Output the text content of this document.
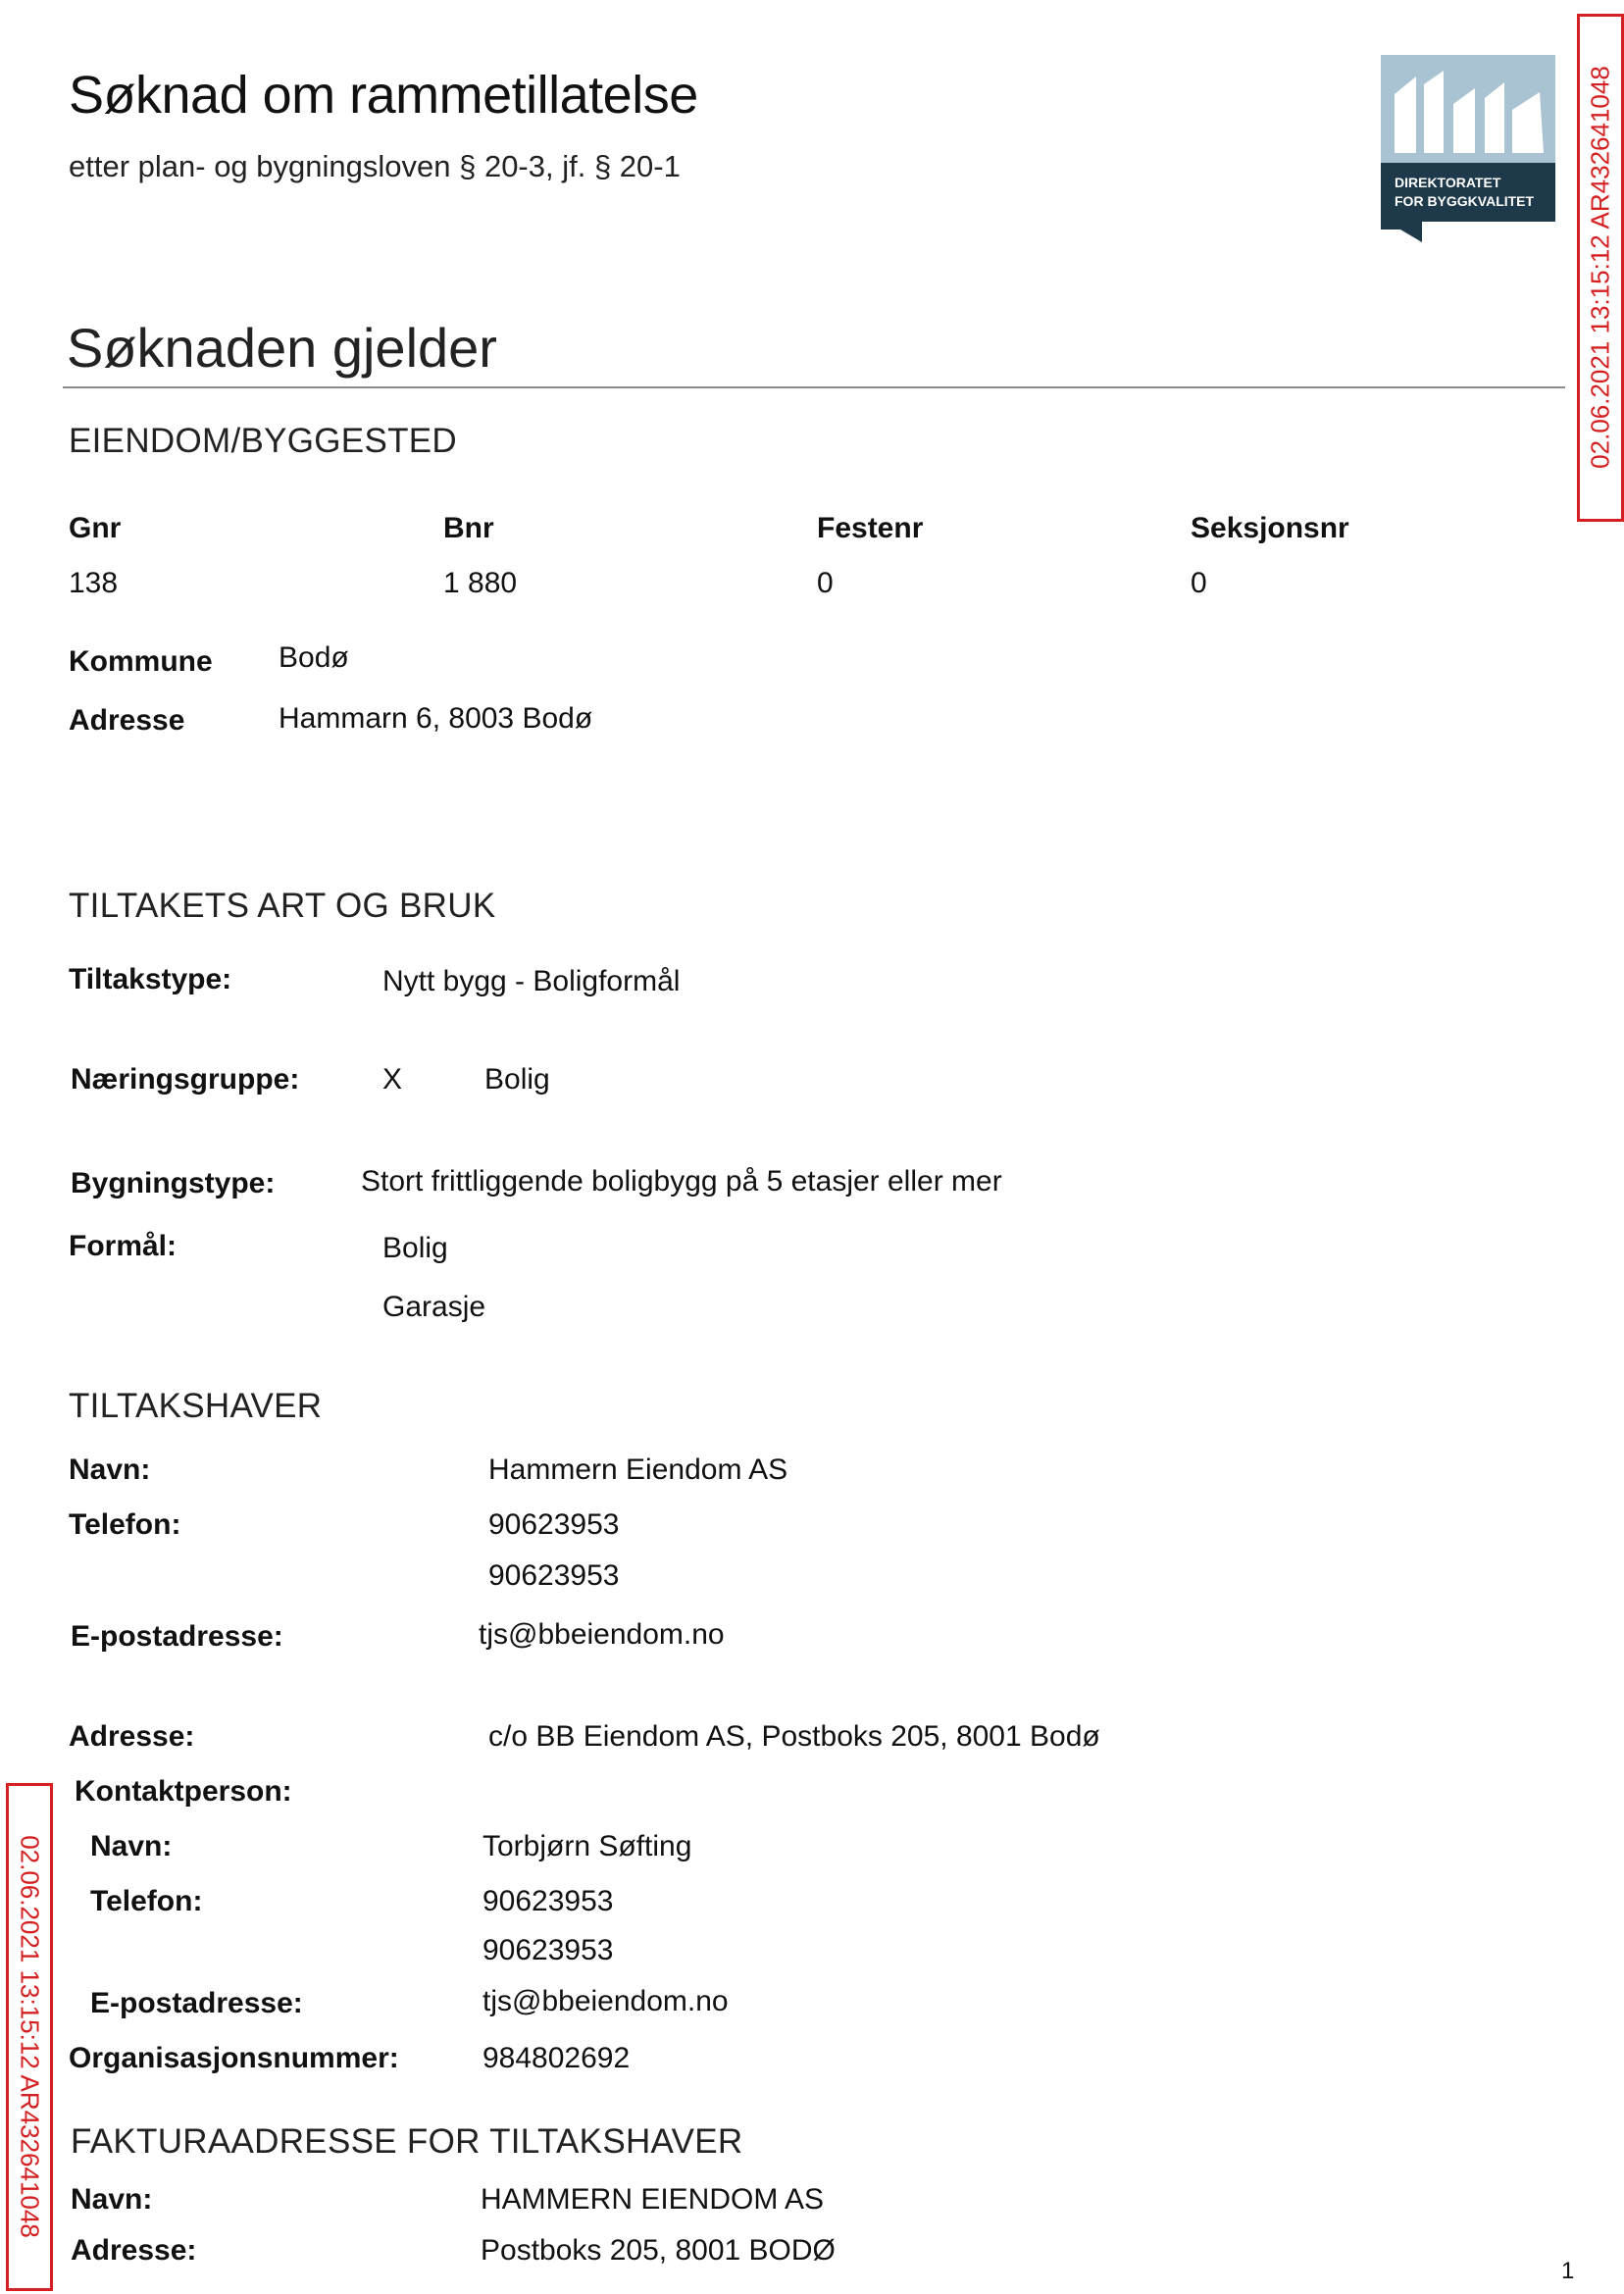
Søknad om rammetillatelse
etter plan- og bygningsloven § 20-3, jf. § 20-1	DIREKTORATET
FOR BYGGKVALITET 02.06.2021 13:15:12 AR432641048
02.06.2021 13:15:12 AR432641048
Søknaden gjelder
EIENDOM/BYGGESTED
Gnr	Bnr	Festenr	Seksjonsnr
138	1 880	0	0
Kommune Bodø
Adresse	Hammarn 6, 8003 Bodø
TILTAKETS ART OG BRUK
Tiltakstype:	Nytt bygg - Boligformål
Næringsgruppe:	X	Bolig
Bygningstype:	Stort frittliggende boligbygg på 5 etasjer eller mer
Formål:	Bolig
Garasje
TILTAKSHAVER
Navn:	Hammern Eiendom AS
Telefon:	90623953
90623953
E-postadresse:	tjs@bbeiendom.no
Adresse:	c/o BB Eiendom AS, Postboks 205, 8001 Bodø
Kontaktperson:
Navn:	Torbjørn Søfting
Telefon:	90623953
90623953
E-postadresse:	tjs@bbeiendom.no
Organisasjonsnummer:	984802692
FAKTURAADRESSE FOR TILTAKSHAVER
Navn:	HAMMERN EIENDOM AS
Adresse:	Postboks 205, 8001 BODØ
1
